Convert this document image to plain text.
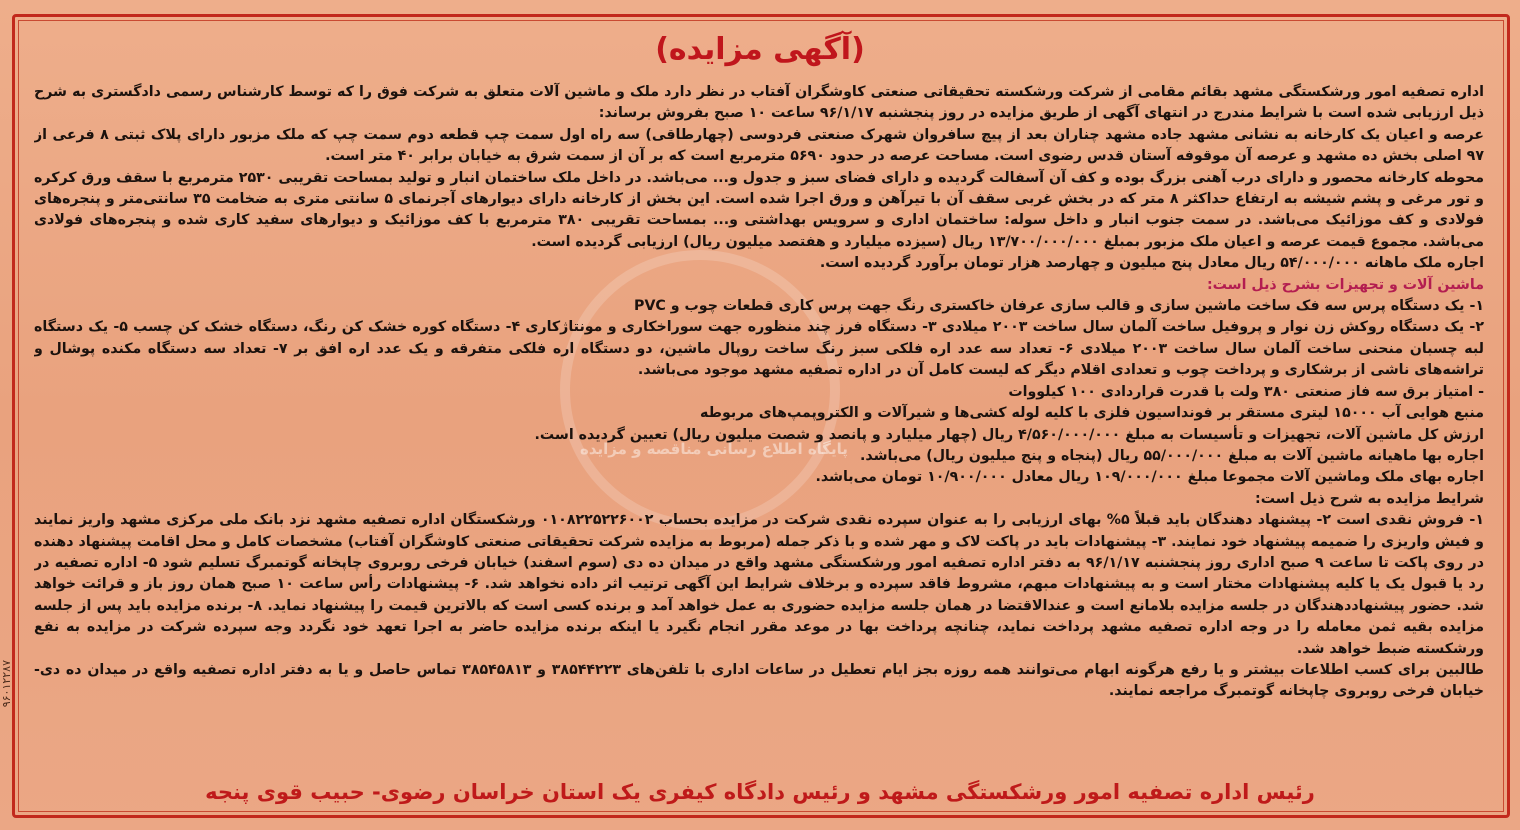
پایگاه اطلاع رسانی مناقصه و مزایده
(آگهی مزایده)

اداره تصفیه امور ورشکستگی مشهد بقائم مقامی از شرکت ورشکسته تحقیقاتی صنعتی کاوشگران آفتاب در نظر دارد ملک و ماشین آلات متعلق به شرکت فوق را که توسط کارشناس رسمی دادگستری به شرح ذیل ارزیابی شده است با شرایط مندرج در انتهای آگهی از طریق مزایده در روز پنجشنبه ۹۶/۱/۱۷ ساعت ۱۰ صبح بفروش برساند:

عرصه و اعیان یک کارخانه به نشانی مشهد جاده مشهد چناران بعد از پیچ سافروان شهرک صنعتی فردوسی (چهارطاقی) سه راه اول سمت چپ قطعه دوم سمت چپ که ملک مزبور دارای پلاک ثبتی ۸ فرعی از ۹۷ اصلی بخش ده مشهد و عرصه آن موقوفه آستان قدس رضوی است. مساحت عرصه در حدود ۵۶۹۰ مترمربع است که بر آن از سمت شرق به خیابان برابر ۴۰ متر است.

محوطه کارخانه محصور و دارای درب آهنی بزرگ بوده و کف آن آسفالت گردیده و دارای فضای سبز و جدول و... می‌باشد. در داخل ملک ساختمان انبار و تولید بمساحت تقریبی ۲۵۳۰ مترمربع با سقف ورق کرکره و تور مرغی و پشم شیشه به ارتفاع حداکثر ۸ متر که در بخش غربی سقف آن با تیرآهن و ورق اجرا شده است. این بخش از کارخانه دارای دیوارهای آجرنمای ۵ سانتی متری به ضخامت ۳۵ سانتی‌متر و پنجره‌های فولادی و کف موزائیک می‌باشد. در سمت جنوب انبار و داخل سوله: ساختمان اداری و سرویس بهداشتی و... بمساحت تقریبی ۳۸۰ مترمربع با کف موزائیک و دیوارهای سفید کاری شده و پنجره‌های فولادی می‌باشد. مجموع قیمت عرصه و اعیان ملک مزبور بمبلغ ۱۳/۷۰۰/۰۰۰/۰۰۰ ریال (سیزده میلیارد و هفتصد میلیون ریال) ارزیابی گردیده است.

اجاره ملک ماهانه ۵۴/۰۰۰/۰۰۰ ریال معادل پنج میلیون و چهارصد هزار تومان برآورد گردیده است.

ماشین آلات و تجهیزات بشرح ذیل است:

۱- یک دستگاه پرس سه فک ساخت ماشین سازی و قالب سازی عرفان خاکستری رنگ جهت پرس کاری قطعات چوب و PVC

۲- یک دستگاه روکش زن نوار و پروفیل ساخت آلمان سال ساخت ۲۰۰۳ میلادی ۳- دستگاه فرز چند منظوره جهت سوراخکاری و مونتاژکاری ۴- دستگاه کوره خشک کن رنگ، دستگاه خشک کن چسب ۵- یک دستگاه لبه چسبان منحنی ساخت آلمان سال ساخت ۲۰۰۳ میلادی ۶- تعداد سه عدد اره فلکی سبز رنگ ساخت روپال ماشین، دو دستگاه اره فلکی متفرقه و یک عدد اره افق بر ۷- تعداد سه دستگاه مکنده پوشال و تراشه‌های ناشی از برشکاری و پرداخت چوب و تعدادی اقلام دیگر که لیست کامل آن در اداره تصفیه مشهد موجود می‌باشد.

- امتیاز برق سه فاز صنعتی ۳۸۰ ولت با قدرت قراردادی ۱۰۰ کیلووات

منبع هوایی آب ۱۵۰۰۰ لیتری مستقر بر فونداسیون فلزی با کلیه لوله کشی‌ها و شیرآلات و الکتروپمپ‌های مربوطه

ارزش کل ماشین آلات، تجهیزات و تأسیسات به مبلغ ۴/۵۶۰/۰۰۰/۰۰۰ ریال (چهار میلیارد و پانصد و شصت میلیون ریال) تعیین گردیده است.

اجاره بها ماهیانه ماشین آلات به مبلغ ۵۵/۰۰۰/۰۰۰ ریال (پنجاه و پنج میلیون ریال) می‌باشد.

اجاره بهای ملک وماشین آلات مجموعا مبلغ ۱۰۹/۰۰۰/۰۰۰ ریال معادل ۱۰/۹۰۰/۰۰۰ تومان می‌باشد.

شرایط مزایده به شرح ذیل است:

۱- فروش نقدی است ۲- پیشنهاد دهندگان باید قبلاً ۵% بهای ارزیابی را به عنوان سپرده نقدی شرکت در مزایده بحساب ۰۱۰۸۲۲۵۲۲۶۰۰۲ ورشکستگان اداره تصفیه مشهد نزد بانک ملی مرکزی مشهد واریز نمایند و فیش واریزی را ضمیمه پیشنهاد خود نمایند. ۳- پیشنهادات باید در پاکت لاک و مهر شده و با ذکر جمله (مربوط به مزایده شرکت تحقیقاتی صنعتی کاوشگران آفتاب) مشخصات کامل و محل اقامت پیشنهاد دهنده در روی پاکت تا ساعت ۹ صبح اداری روز پنجشنبه ۹۶/۱/۱۷ به دفتر اداره تصفیه امور ورشکستگی مشهد واقع در میدان ده دی (سوم اسفند) خیابان فرخی روبروی چاپخانه گوتمبرگ تسلیم شود ۵- اداره تصفیه در رد یا قبول یک یا کلیه پیشنهادات مختار است و به پیشنهادات مبهم، مشروط فاقد سپرده و برخلاف شرایط این آگهی ترتیب اثر داده نخواهد شد. ۶- پیشنهادات رأس ساعت ۱۰ صبح همان روز باز و قرائت خواهد شد. حضور پیشنهاددهندگان در جلسه مزایده بلامانع است و عندالاقتضا در همان جلسه مزایده حضوری به عمل خواهد آمد و برنده کسی است که بالاترین قیمت را پیشنهاد نماید. ۸- برنده مزایده باید پس از جلسه مزایده بقیه ثمن معامله را در وجه اداره تصفیه مشهد پرداخت نماید، چنانچه پرداخت بها در موعد مقرر انجام نگیرد یا اینکه برنده مزایده حاضر به اجرا تعهد خود نگردد وجه سپرده شرکت در مزایده به نفع ورشکسته ضبط خواهد شد.

طالبین برای کسب اطلاعات بیشتر و یا رفع هرگونه ابهام می‌توانند همه روزه بجز ایام تعطیل در ساعات اداری با تلفن‌های ۳۸۵۴۴۲۲۳ و ۳۸۵۴۵۸۱۳ تماس حاصل و یا به دفتر اداره تصفیه واقع در میدان ده دی- خیابان فرخی روبروی چاپخانه گوتمبرگ مراجعه نمایند.

رئیس اداره تصفیه امور ورشکستگی مشهد و رئیس دادگاه کیفری یک استان خراسان رضوی- حبیب قوی پنجه
۹۶۰۱۲۲۸۷
